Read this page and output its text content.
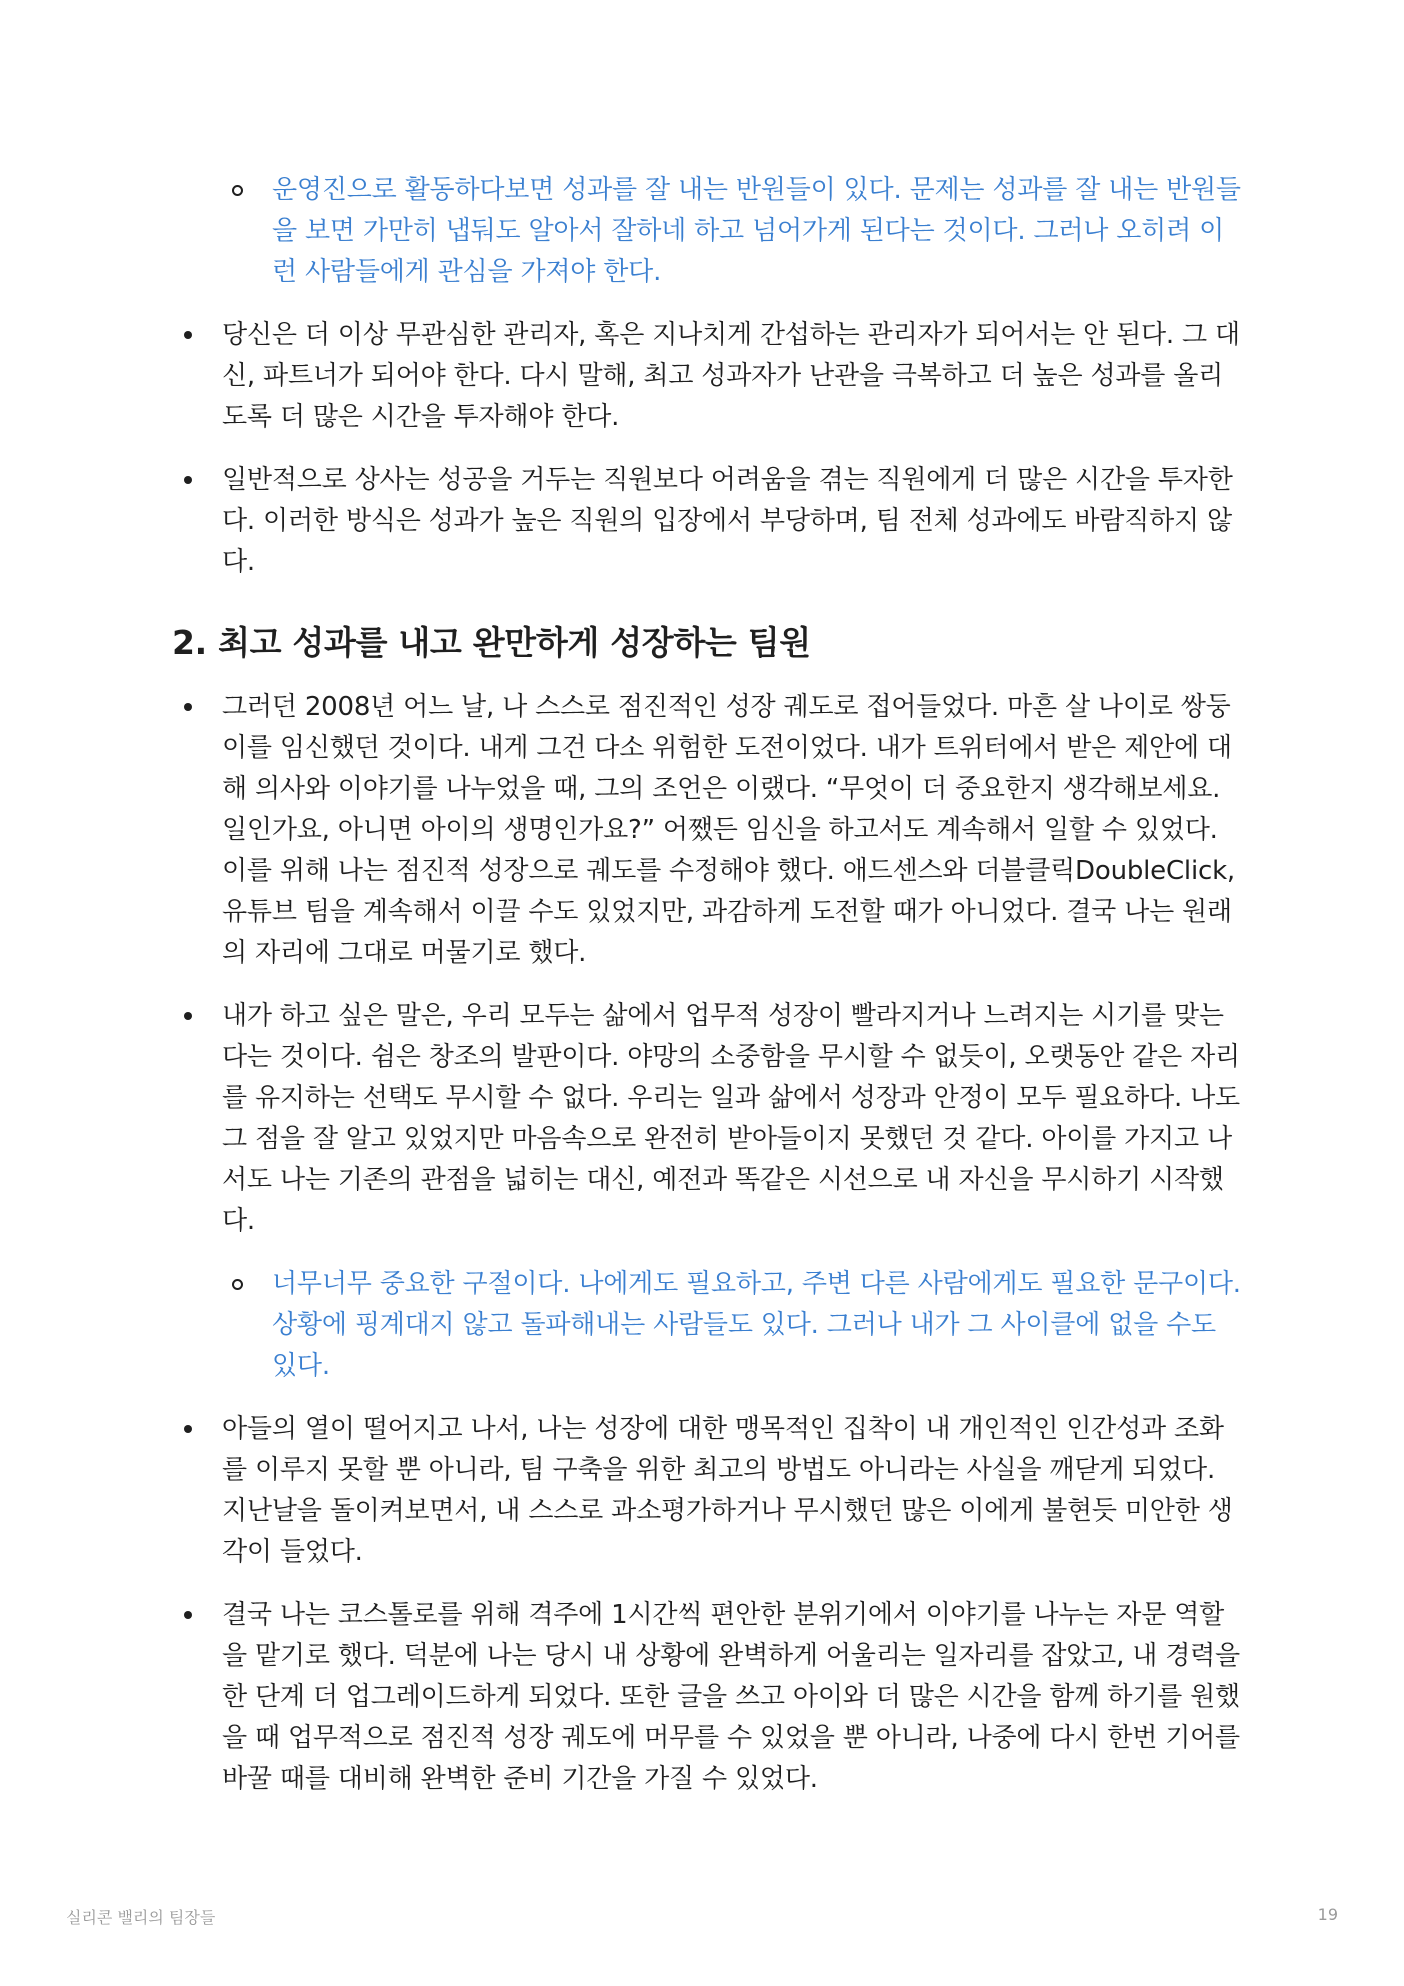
운영진으로 활동하다보면 성과를 잘 내는 반원들이 있다. 문제는 성과를 잘 내는 반원들을 보면 가만히 냅둬도 알아서 잘하네 하고 넘어가게 된다는 것이다. 그러나 오히려 이런 사람들에게 관심을 가져야 한다.
당신은 더 이상 무관심한 관리자, 혹은 지나치게 간섭하는 관리자가 되어서는 안 된다. 그 대신, 파트너가 되어야 한다. 다시 말해, 최고 성과자가 난관을 극복하고 더 높은 성과를 올리도록 더 많은 시간을 투자해야 한다.
일반적으로 상사는 성공을 거두는 직원보다 어려움을 겪는 직원에게 더 많은 시간을 투자한다. 이러한 방식은 성과가 높은 직원의 입장에서 부당하며, 팀 전체 성과에도 바람직하지 않다.
2. 최고 성과를 내고 완만하게 성장하는 팀원
그러던 2008년 어느 날, 나 스스로 점진적인 성장 궤도로 접어들었다. 마흔 살 나이로 쌍둥이를 임신했던 것이다. 내게 그건 다소 위험한 도전이었다. 내가 트위터에서 받은 제안에 대해 의사와 이야기를 나누었을 때, 그의 조언은 이랬다. “무엇이 더 중요한지 생각해보세요. 일인가요, 아니면 아이의 생명인가요?” 어쨌든 임신을 하고서도 계속해서 일할 수 있었다. 이를 위해 나는 점진적 성장으로 궤도를 수정해야 했다. 애드센스와 더블클릭DoubleClick, 유튜브 팀을 계속해서 이끌 수도 있었지만, 과감하게 도전할 때가 아니었다. 결국 나는 원래의 자리에 그대로 머물기로 했다.
내가 하고 싶은 말은, 우리 모두는 삶에서 업무적 성장이 빨라지거나 느려지는 시기를 맞는다는 것이다. 쉼은 창조의 발판이다. 야망의 소중함을 무시할 수 없듯이, 오랫동안 같은 자리를 유지하는 선택도 무시할 수 없다. 우리는 일과 삶에서 성장과 안정이 모두 필요하다. 나도 그 점을 잘 알고 있었지만 마음속으로 완전히 받아들이지 못했던 것 같다. 아이를 가지고 나서도 나는 기존의 관점을 넓히는 대신, 예전과 똑같은 시선으로 내 자신을 무시하기 시작했다.
너무너무 중요한 구절이다. 나에게도 필요하고, 주변 다른 사람에게도 필요한 문구이다. 상황에 핑계대지 않고 돌파해내는 사람들도 있다. 그러나 내가 그 사이클에 없을 수도 있다.
아들의 열이 떨어지고 나서, 나는 성장에 대한 맹목적인 집착이 내 개인적인 인간성과 조화를 이루지 못할 뿐 아니라, 팀 구축을 위한 최고의 방법도 아니라는 사실을 깨닫게 되었다. 지난날을 돌이켜보면서, 내 스스로 과소평가하거나 무시했던 많은 이에게 불현듯 미안한 생각이 들었다.
결국 나는 코스톨로를 위해 격주에 1시간씩 편안한 분위기에서 이야기를 나누는 자문 역할을 맡기로 했다. 덕분에 나는 당시 내 상황에 완벽하게 어울리는 일자리를 잡았고, 내 경력을 한 단계 더 업그레이드하게 되었다. 또한 글을 쓰고 아이와 더 많은 시간을 함께 하기를 원했을 때 업무적으로 점진적 성장 궤도에 머무를 수 있었을 뿐 아니라, 나중에 다시 한번 기어를 바꿀 때를 대비해 완벽한 준비 기간을 가질 수 있었다.
실리콘 밸리의 팀장들	19
